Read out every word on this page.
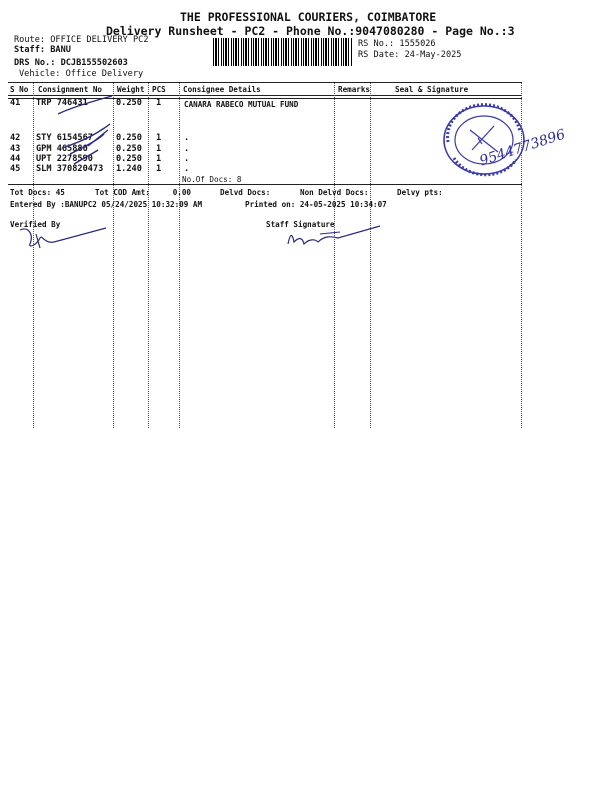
THE PROFESSIONAL COURIERS, COIMBATORE
Delivery Runsheet - PC2 - Phone No.:9047080280 - Page No.:3
Route: OFFICE DELIVERY PC2
Staff: BANU
DRS No.: DCJB155502603
Vehicle: Office Delivery
RS No.: 1555026
RS Date: 24-May-2025
S No Consignment No Weight PCS Consignee Details	Remarks	Seal & Signature
41 TRP 746431	0.250 1	CANARA RABECO MUTUAL FUND
42 STY 6154567	0.250 1	.
43 GPM 465880	0.250 1	.
44 UPT 2278590	0.250 1	.
45 SLM 370820473 1.240 1	.
No.Of Docs: 8
9544773896
Tot Docs: 45	Tot COD Amt:     0.00	Delvd Docs:	Non Delvd Docs:	Delvy pts:
Entered By :BANUPC2 05/24/2025 10:32:09 AM	Printed on: 24-05-2025 10:34:07
Verified By	Staff Signature
